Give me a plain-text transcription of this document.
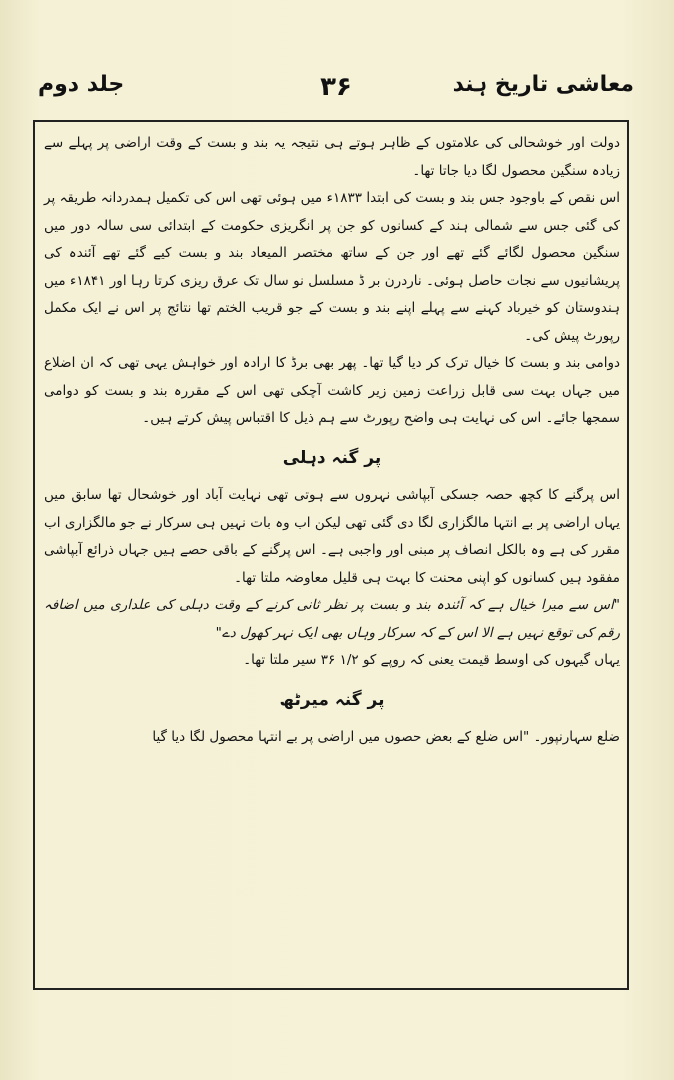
معاشی تاریخ ہند
۳۶
جلد دوم

دولت اور خوشحالی کی علامتوں کے ظاہر ہوتے ہی نتیجہ یہ بند و بست کے وقت اراضی پر پہلے سے زیادہ سنگین محصول لگا دیا جاتا تھا۔

اس نقص کے باوجود جس بند و بست کی ابتدا ۱۸۳۳ء میں ہوئی تھی اس کی تکمیل ہمدردانہ طریقہ پر کی گئی جس سے شمالی ہند کے کسانوں کو جن پر انگریزی حکومت کے ابتدائی سی سالہ دور میں سنگین محصول لگائے گئے تھے اور جن کے ساتھ مختصر المیعاد بند و بست کیے گئے تھے آئندہ کی پریشانیوں سے نجات حاصل ہوئی۔ ناردرن بر ڈ مسلسل نو سال تک عرق ریزی کرتا رہا اور ۱۸۴۱ء میں ہندوستان کو خیرباد کہنے سے پہلے اپنے بند و بست کے جو قریب الختم تھا نتائج پر اس نے ایک مکمل رپورٹ پیش کی۔

دوامی بند و بست کا خیال ترک کر دیا گیا تھا۔ پھر بھی برڈ کا ارادہ اور خواہش یہی تھی کہ ان اضلاع میں جہاں بہت سی قابل زراعت زمین زیر کاشت آچکی تھی اس کے مقررہ بند و بست کو دوامی سمجھا جائے۔ اس کی نہایت ہی واضح رپورٹ سے ہم ذیل کا اقتباس پیش کرتے ہیں۔

پر گنہ دہلی

اس پرگنے کا کچھ حصہ جسکی آبپاشی نہروں سے ہوتی تھی نہایت آباد اور خوشحال تھا سابق میں یہاں اراضی پر بے انتہا مالگزاری لگا دی گئی تھی لیکن اب وہ بات نہیں ہی سرکار نے جو مالگزاری اب مقرر کی ہے وہ بالکل انصاف پر مبنی اور واجبی ہے۔ اس پرگنے کے باقی حصے ہیں جہاں ذرائع آبپاشی مفقود ہیں کسانوں کو اپنی محنت کا بہت ہی قلیل معاوضہ ملتا تھا۔

"اس سے میرا خیال ہے کہ آئندہ بند و بست پر نظر ثانی کرنے کے وقت دہلی کی علداری میں اضافہ رقم کی توقع نہیں ہے الا اس کے کہ سرکار وہاں بھی ایک نہر کھول دے"

یہاں گیہوں کی اوسط قیمت یعنی کہ روپے کو ۱/۲ ۳۶ سیر ملتا تھا۔

پر گنہ میرٹھ

ضلع سہارنپور۔ "اس ضلع کے بعض حصوں میں اراضی پر بے انتہا محصول لگا دیا گیا
